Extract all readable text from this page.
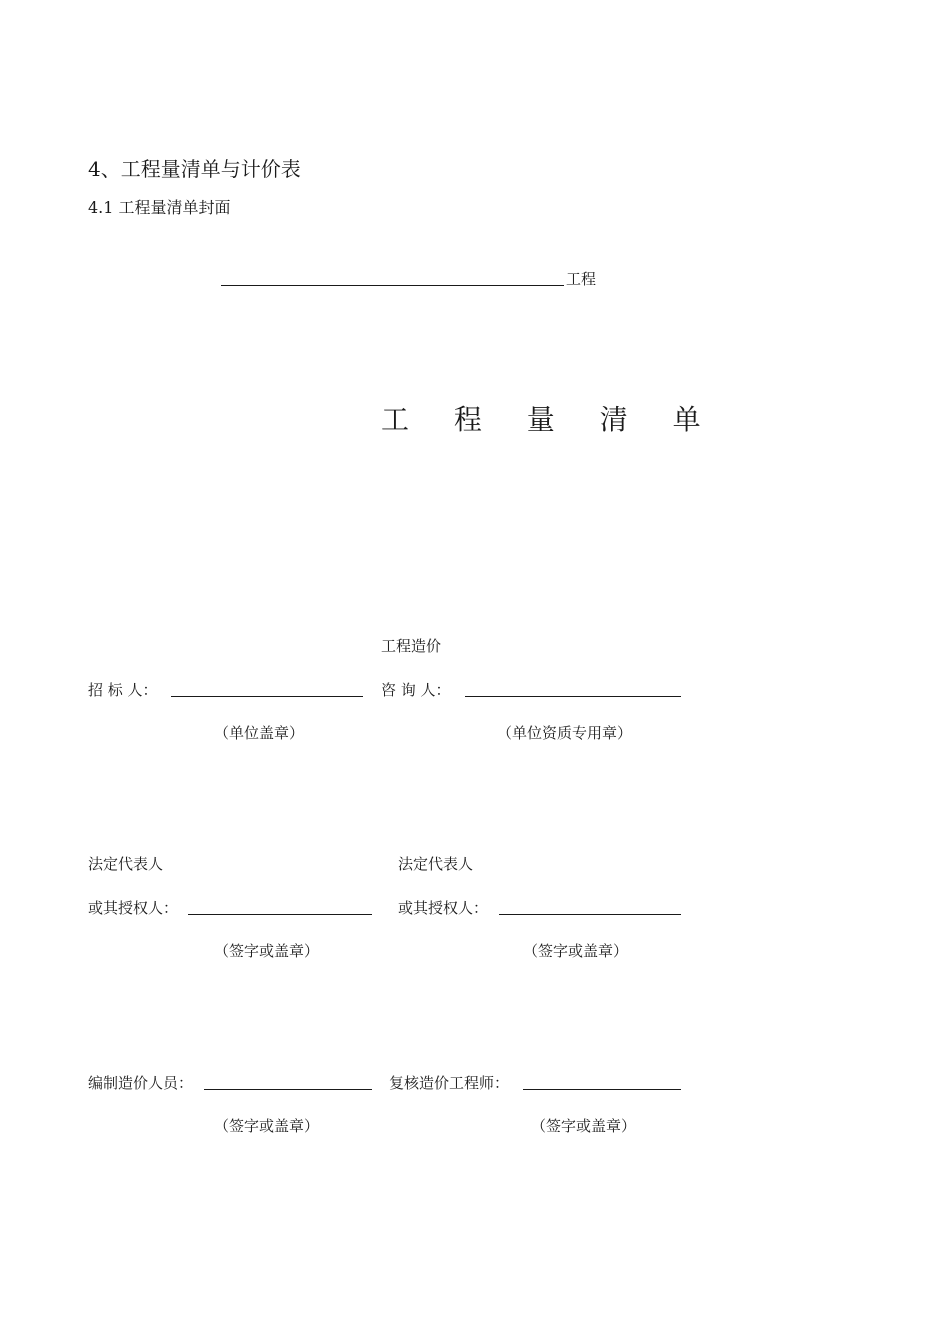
4、工程量清单与计价表
4.1 工程量清单封面
工程
工 程 量 清 单
工程造价
招 标 人：	咨 询 人：
（单位盖章）	（单位资质专用章）
法定代表人	法定代表人
或其授权人：	或其授权人：
（签字或盖章）	（签字或盖章）
编制造价人员：	复核造价工程师：
（签字或盖章）	（签字或盖章）
